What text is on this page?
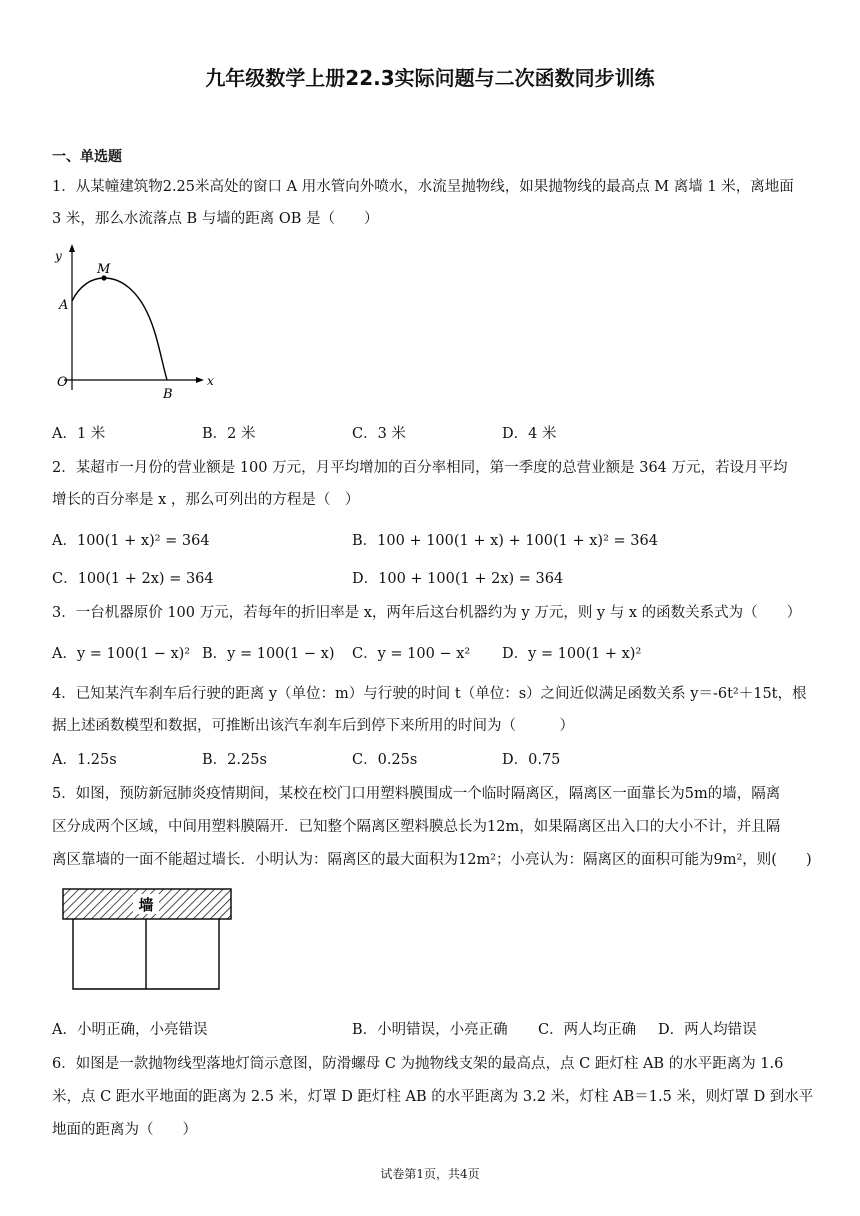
九年级数学上册22.3实际问题与二次函数同步训练
一、单选题
1．从某幢建筑物2.25米高处的窗口 A 用水管向外喷水，水流呈抛物线，如果抛物线的最高点 M 离墙 1 米，离地面
3 米，那么水流落点 B 与墙的距离 OB 是（　　）
y
x
O
A
M
B
A．1 米	B．2 米	C．3 米	D．4 米
2．某超市一月份的营业额是 100 万元，月平均增加的百分率相同，第一季度的总营业额是 364 万元，若设月平均
增长的百分率是 x ，那么可列出的方程是（　）
A．100(1 + x)² = 364	B．100 + 100(1 + x) + 100(1 + x)² = 364
C．100(1 + 2x) = 364	D．100 + 100(1 + 2x) = 364
3．一台机器原价 100 万元，若每年的折旧率是 x，两年后这台机器约为 y 万元，则 y 与 x 的函数关系式为（　　）
A．y = 100(1 − x)² B．y = 100(1 − x) C．y = 100 − x² D．y = 100(1 + x)²
4．已知某汽车刹车后行驶的距离 y（单位：m）与行驶的时间 t（单位：s）之间近似满足函数关系 y＝-6t²＋15t，根
据上述函数模型和数据，可推断出该汽车刹车后到停下来所用的时间为（　　　）
A．1.25s	B．2.25s	C．0.25s	D．0.75
5．如图，预防新冠肺炎疫情期间，某校在校门口用塑料膜围成一个临时隔离区，隔离区一面靠长为5m的墙，隔离
区分成两个区域，中间用塑料膜隔开．已知整个隔离区塑料膜总长为12m，如果隔离区出入口的大小不计，并且隔
离区靠墙的一面不能超过墙长．小明认为：隔离区的最大面积为12m²；小亮认为：隔离区的面积可能为9m²，则(　　)
墙
A．小明正确，小亮错误	B．小明错误，小亮正确 C．两人均正确 D．两人均错误
6．如图是一款抛物线型落地灯筒示意图，防滑螺母 C 为抛物线支架的最高点，点 C 距灯柱 AB 的水平距离为 1.6
米，点 C 距水平地面的距离为 2.5 米，灯罩 D 距灯柱 AB 的水平距离为 3.2 米，灯柱 AB＝1.5 米，则灯罩 D 到水平
地面的距离为（　　）
试卷第1页，共4页
